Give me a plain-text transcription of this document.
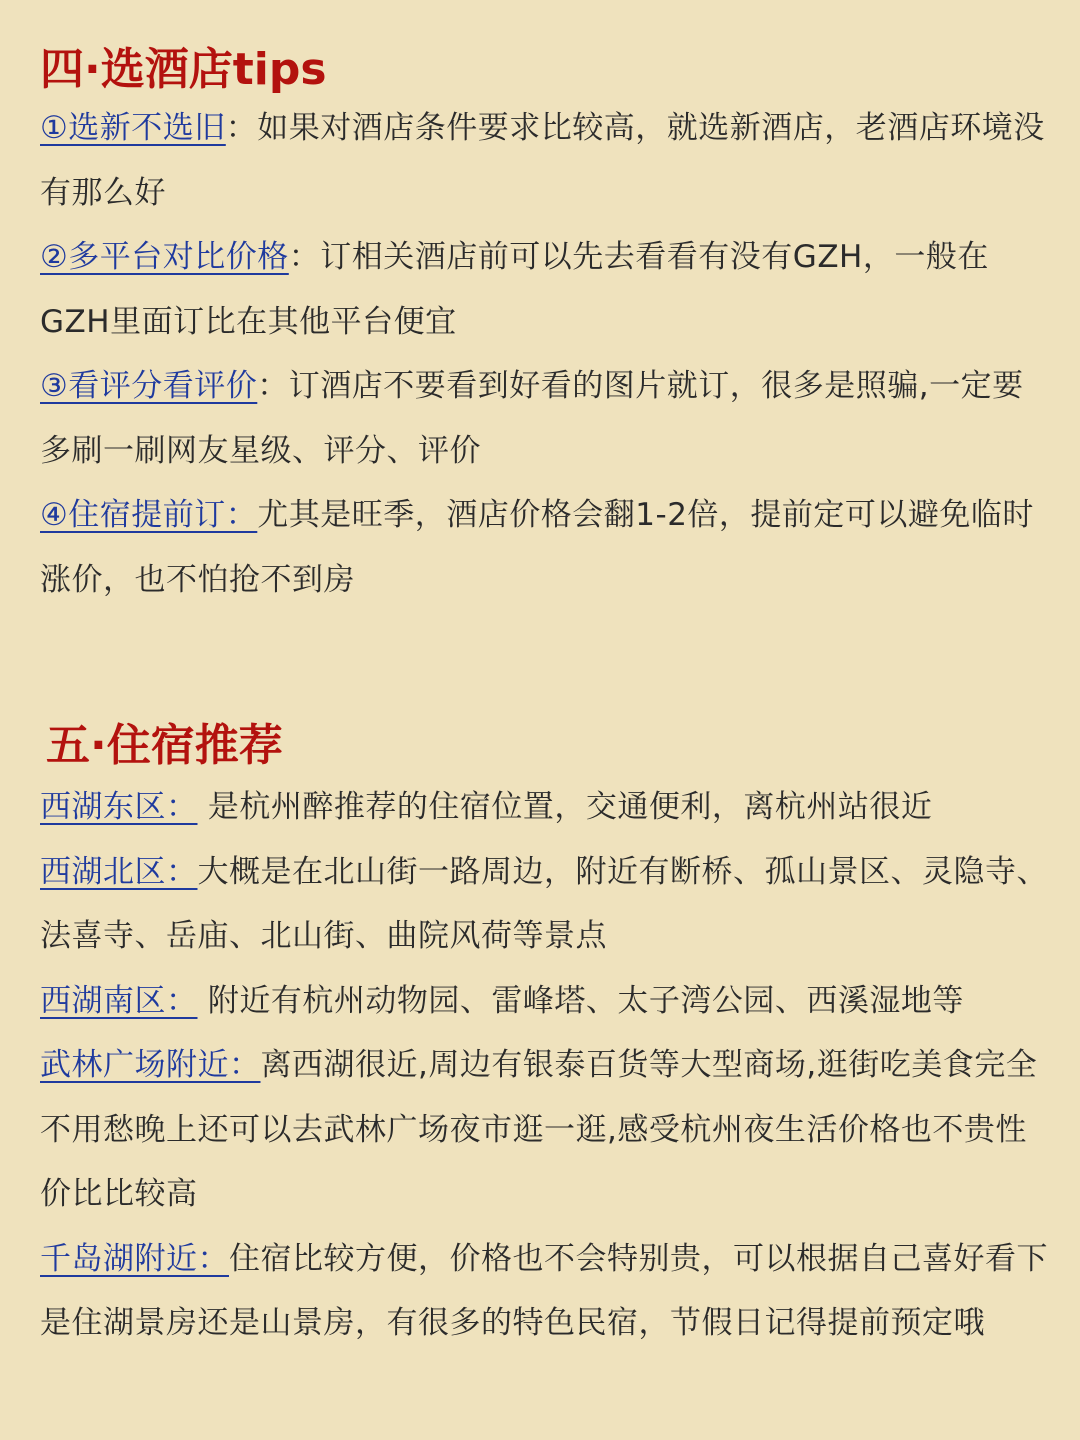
四·选酒店tips

①选新不选旧：如果对酒店条件要求比较高，就选新酒店，老酒店环境没有那么好

②多平台对比价格：订相关酒店前可以先去看看有没有GZH，一般在GZH里面订比在其他平台便宜

③看评分看评价：订酒店不要看到好看的图片就订，很多是照骗,一定要多刷一刷网友星级、评分、评价

④住宿提前订：尤其是旺季，酒店价格会翻1-2倍，提前定可以避免临时涨价，也不怕抢不到房

五·住宿推荐

西湖东区： 是杭州醉推荐的住宿位置，交通便利，离杭州站很近

西湖北区：大概是在北山街一路周边，附近有断桥、孤山景区、灵隐寺、法喜寺、岳庙、北山街、曲院风荷等景点

西湖南区： 附近有杭州动物园、雷峰塔、太子湾公园、西溪湿地等

武林广场附近：离西湖很近,周边有银泰百货等大型商场,逛街吃美食完全不用愁晚上还可以去武林广场夜市逛一逛,感受杭州夜生活价格也不贵性价比比较高

千岛湖附近：住宿比较方便，价格也不会特别贵，可以根据自己喜好看下是住湖景房还是山景房，有很多的特色民宿，节假日记得提前预定哦
